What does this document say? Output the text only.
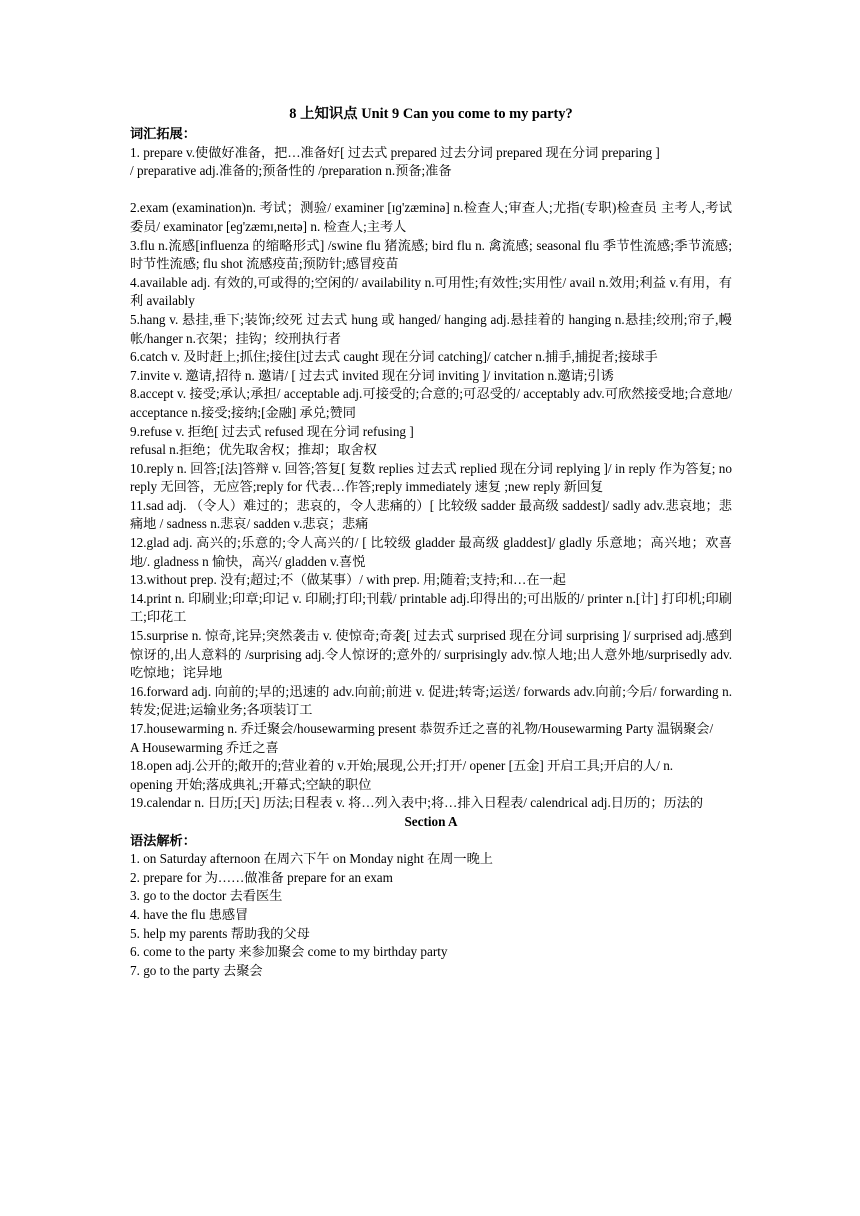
8 上知识点 Unit 9 Can you come to my party?

词汇拓展：

1. prepare v.使做好准备，把…准备好[ 过去式 prepared 过去分词 prepared 现在分词 preparing ]

/ preparative adj.准备的;预备性的 /preparation n.预备;准备

2.exam (examination)n. 考试；测验/ examiner [ɪɡ'zæminə] n.检查人;审查人;尤指(专职)检查员 主考人,考试委员/ examinator [eɡ'zæmɪ,neɪtə] n. 检查人;主考人

3.flu n.流感[influenza 的缩略形式] /swine flu 猪流感; bird flu n. 禽流感; seasonal flu 季节性流感;季节流感;时节性流感; flu shot 流感疫苗;预防针;感冒疫苗

4.available adj. 有效的,可或得的;空闲的/ availability n.可用性;有效性;实用性/ avail n.效用;利益 v.有用，有利 availably

5.hang v. 悬挂,垂下;装饰;绞死 过去式 hung 或 hanged/ hanging adj.悬挂着的 hanging n.悬挂;绞刑;帘子,幔帐/hanger n.衣架；挂钩；绞刑执行者

6.catch v. 及时赶上;抓住;接住[过去式 caught 现在分词 catching]/ catcher n.捕手,捕捉者;接球手

7.invite v. 邀请,招待 n. 邀请/ [ 过去式 invited 现在分词 inviting ]/ invitation n.邀请;引诱

8.accept v. 接受;承认;承担/ acceptable adj.可接受的;合意的;可忍受的/ acceptably adv.可欣然接受地;合意地/ acceptance n.接受;接纳;[金融] 承兑;赞同

9.refuse v. 拒绝[ 过去式 refused 现在分词 refusing ]

refusal n.拒绝；优先取舍权；推却；取舍权

10.reply n. 回答;[法]答辩 v. 回答;答复[ 复数 replies 过去式 replied 现在分词 replying ]/ in reply 作为答复; no reply 无回答，无应答;reply for 代表…作答;reply immediately 速复 ;new reply 新回复

11.sad adj. （令人）难过的；悲哀的，令人悲痛的）[ 比较级 sadder 最高级 saddest]/ sadly adv.悲哀地；悲痛地 / sadness n.悲哀/ sadden v.悲哀；悲痛

12.glad adj. 高兴的;乐意的;令人高兴的/ [ 比较级 gladder 最高级 gladdest]/ gladly 乐意地；高兴地；欢喜地/. gladness n 愉快，高兴/ gladden v.喜悦

13.without prep. 没有;超过;不（做某事）/ with prep. 用;随着;支持;和…在一起

14.print n. 印刷业;印章;印记 v. 印刷;打印;刊载/ printable adj.印得出的;可出版的/ printer n.[计] 打印机;印刷工;印花工

15.surprise n. 惊奇,诧异;突然袭击 v. 使惊奇;奇袭[ 过去式 surprised 现在分词 surprising ]/ surprised adj.感到惊讶的,出人意料的 /surprising adj.令人惊讶的;意外的/ surprisingly adv.惊人地;出人意外地/surprisedly adv.吃惊地；诧异地

16.forward adj. 向前的;早的;迅速的 adv.向前;前进 v. 促进;转寄;运送/ forwards adv.向前;今后/ forwarding n. 转发;促进;运输业务;各项装订工

17.housewarming n. 乔迁聚会/housewarming present 恭贺乔迁之喜的礼物/Housewarming Party 温锅聚会/

A Housewarming 乔迁之喜

18.open adj.公开的;敞开的;营业着的 v.开始;展现,公开;打开/ opener [五金] 开启工具;开启的人/ n.

opening 开始;落成典礼;开幕式;空缺的职位

19.calendar n. 日历;[天] 历法;日程表 v. 将…列入表中;将…排入日程表/ calendrical adj.日历的；历法的

Section A

语法解析：

1. on Saturday afternoon 在周六下午 on Monday night 在周一晚上

2. prepare for 为……做准备 prepare for an exam

3. go to the doctor 去看医生

4. have the flu 患感冒

5. help my parents 帮助我的父母

6. come to the party 来参加聚会 come to my birthday party

7. go to the party 去聚会
